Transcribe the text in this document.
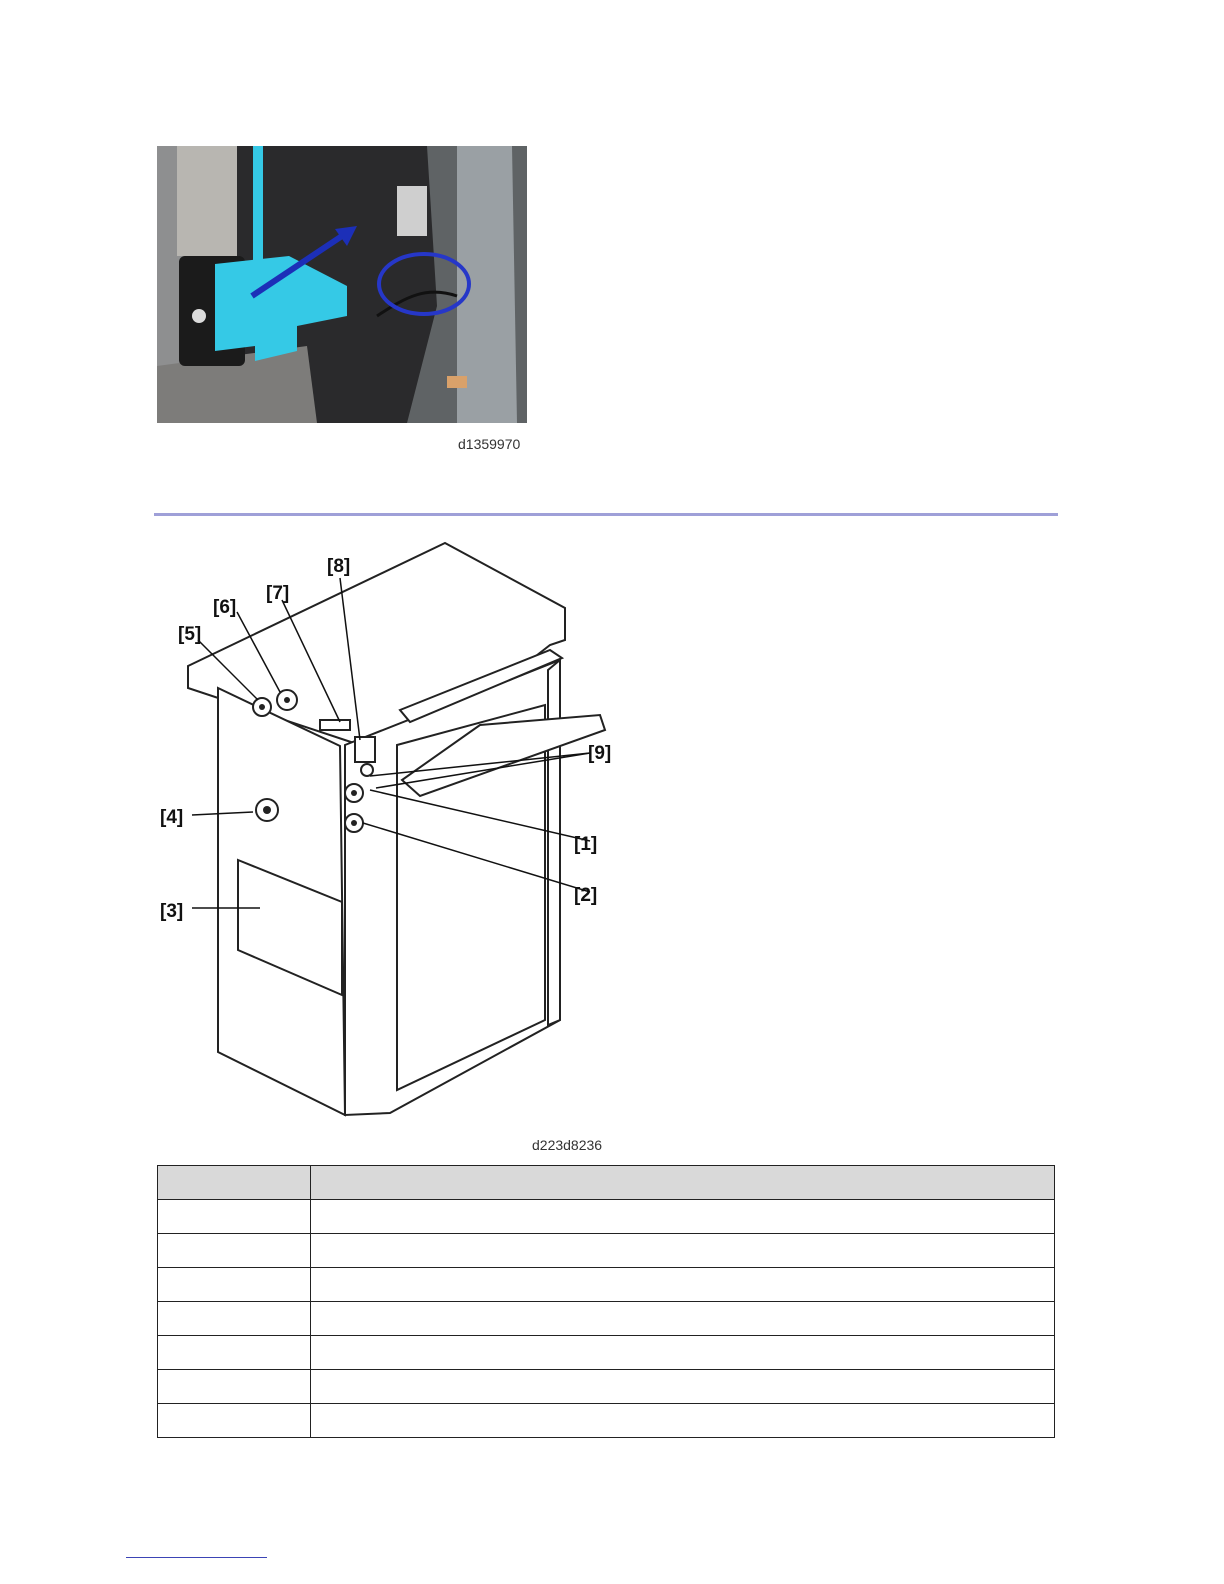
d1359970
[1]
[2]
[3]
[4]
[5]
[6]
[7]
[8]
[9]
d223d8236
